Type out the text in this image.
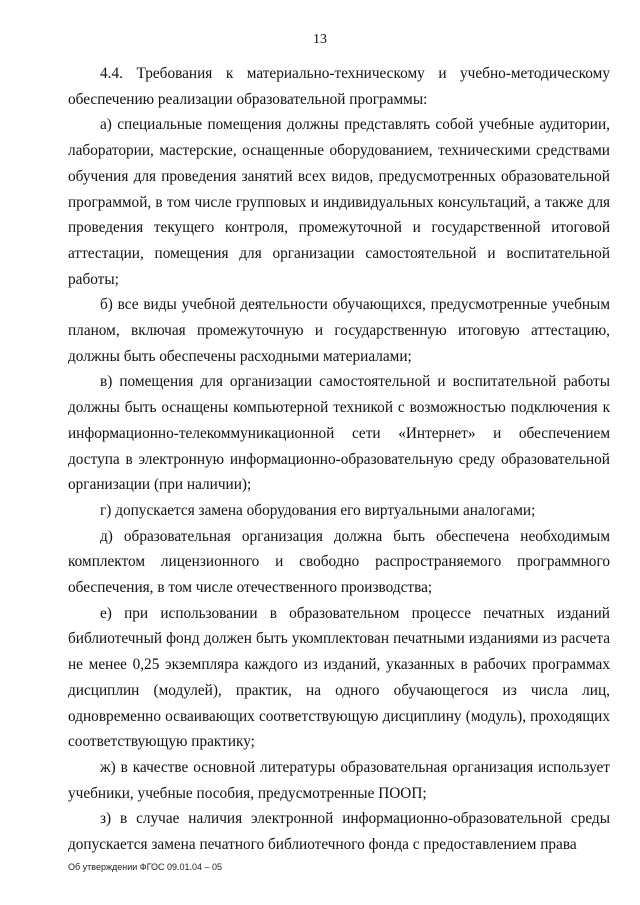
13

4.4. Требования к материально-техническому и учебно-методическому обеспечению реализации образовательной программы:

а) специальные помещения должны представлять собой учебные аудитории, лаборатории, мастерские, оснащенные оборудованием, техническими средствами обучения для проведения занятий всех видов, предусмотренных образовательной программой, в том числе групповых и индивидуальных консультаций, а также для проведения текущего контроля, промежуточной и государственной итоговой аттестации, помещения для организации самостоятельной и воспитательной работы;

б) все виды учебной деятельности обучающихся, предусмотренные учебным планом, включая промежуточную и государственную итоговую аттестацию, должны быть обеспечены расходными материалами;

в) помещения для организации самостоятельной и воспитательной работы должны быть оснащены компьютерной техникой с возможностью подключения к информационно-телекоммуникационной сети «Интернет» и обеспечением доступа в электронную информационно-образовательную среду образовательной организации (при наличии);

г) допускается замена оборудования его виртуальными аналогами;

д) образовательная организация должна быть обеспечена необходимым комплектом лицензионного и свободно распространяемого программного обеспечения, в том числе отечественного производства;

е) при использовании в образовательном процессе печатных изданий библиотечный фонд должен быть укомплектован печатными изданиями из расчета не менее 0,25 экземпляра каждого из изданий, указанных в рабочих программах дисциплин (модулей), практик, на одного обучающегося из числа лиц, одновременно осваивающих соответствующую дисциплину (модуль), проходящих соответствующую практику;

ж) в качестве основной литературы образовательная организация использует учебники, учебные пособия, предусмотренные ПООП;

з) в случае наличия электронной информационно-образовательной среды допускается замена печатного библиотечного фонда с предоставлением права

Об утверждении ФГОС 09.01.04 – 05
